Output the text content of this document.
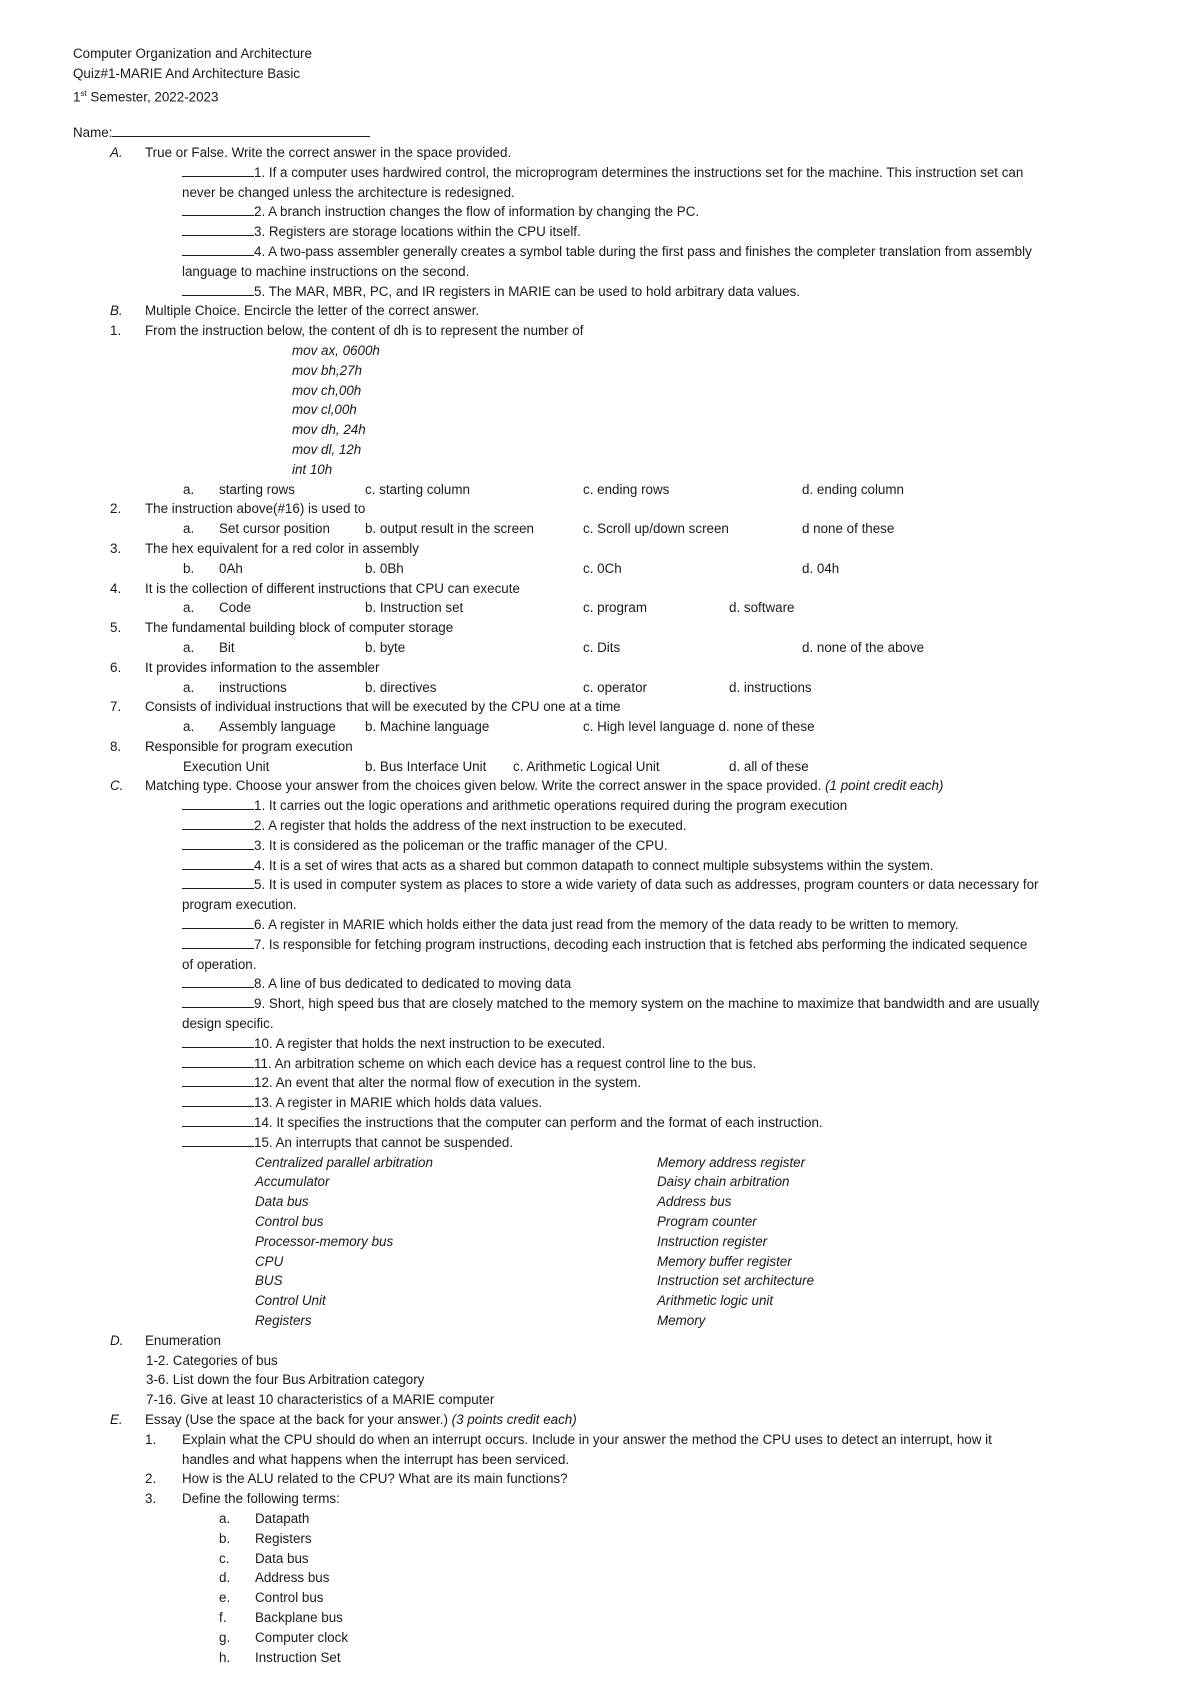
Computer Organization and Architecture
Quiz#1-MARIE And Architecture Basic
1st Semester, 2022-2023
Name:
A. True or False. Write the correct answer in the space provided.
1. If a computer uses hardwired control, the microprogram determines the instructions set for the machine. This instruction set can
never be changed unless the architecture is redesigned.
2. A branch instruction changes the flow of information by changing the PC.
3. Registers are storage locations within the CPU itself.
4. A two-pass assembler generally creates a symbol table during the first pass and finishes the completer translation from assembly
language to machine instructions on the second.
5. The MAR, MBR, PC, and IR registers in MARIE can be used to hold arbitrary data values.
B. Multiple Choice. Encircle the letter of the correct answer.
1. From the instruction below, the content of dh is to represent the number of
mov ax, 0600h
mov bh,27h
mov ch,00h
mov cl,00h
mov dh, 24h
mov dl, 12h
int 10h
a. starting rows	c. starting column	c. ending rows	d. ending column
2. The instruction above(#16) is used to
a. Set cursor position	b. output result in the screen	c. Scroll up/down screen	d none of these
3. The hex equivalent for a red color in assembly
b. 0Ah	b. 0Bh	c. 0Ch	d. 04h
4. It is the collection of different instructions that CPU can execute
a. Code	b. Instruction set	c. program	d. software
5. The fundamental building block of computer storage
a. Bit	b. byte	c. Dits	d. none of the above
6. It provides information to the assembler
a. instructions	b. directives	c. operator	d. instructions
7. Consists of individual instructions that will be executed by the CPU one at a time
a. Assembly language b. Machine language	c. High level language d. none of these
8. Responsible for program execution
Execution Unit	b. Bus Interface Unit c. Arithmetic Logical Unit	d. all of these
C. Matching type. Choose your answer from the choices given below. Write the correct answer in the space provided. (1 point credit each)
1. It carries out the logic operations and arithmetic operations required during the program execution
2. A register that holds the address of the next instruction to be executed.
3. It is considered as the policeman or the traffic manager of the CPU.
4. It is a set of wires that acts as a shared but common datapath to connect multiple subsystems within the system.
5. It is used in computer system as places to store a wide variety of data such as addresses, program counters or data necessary for
program execution.
6. A register in MARIE which holds either the data just read from the memory of the data ready to be written to memory.
7. Is responsible for fetching program instructions, decoding each instruction that is fetched abs performing the indicated sequence
of operation.
8. A line of bus dedicated to dedicated to moving data
9. Short, high speed bus that are closely matched to the memory system on the machine to maximize that bandwidth and are usually
design specific.
10. A register that holds the next instruction to be executed.
11. An arbitration scheme on which each device has a request control line to the bus.
12. An event that alter the normal flow of execution in the system.
13. A register in MARIE which holds data values.
14. It specifies the instructions that the computer can perform and the format of each instruction.
15. An interrupts that cannot be suspended.
Centralized parallel arbitration	Memory address register
Accumulator	Daisy chain arbitration
Data bus	Address bus
Control bus	Program counter
Processor-memory bus	Instruction register
CPU	Memory buffer register
BUS	Instruction set architecture
Control Unit	Arithmetic logic unit
Registers	Memory
D. Enumeration
1-2. Categories of bus
3-6. List down the four Bus Arbitration category
7-16. Give at least 10 characteristics of a MARIE computer
E. Essay (Use the space at the back for your answer.) (3 points credit each)
1. Explain what the CPU should do when an interrupt occurs. Include in your answer the method the CPU uses to detect an interrupt, how it
handles and what happens when the interrupt has been serviced.
2. How is the ALU related to the CPU? What are its main functions?
3. Define the following terms:
a. Datapath
b. Registers
c. Data bus
d. Address bus
e. Control bus
f. Backplane bus
g. Computer clock
h. Instruction Set
